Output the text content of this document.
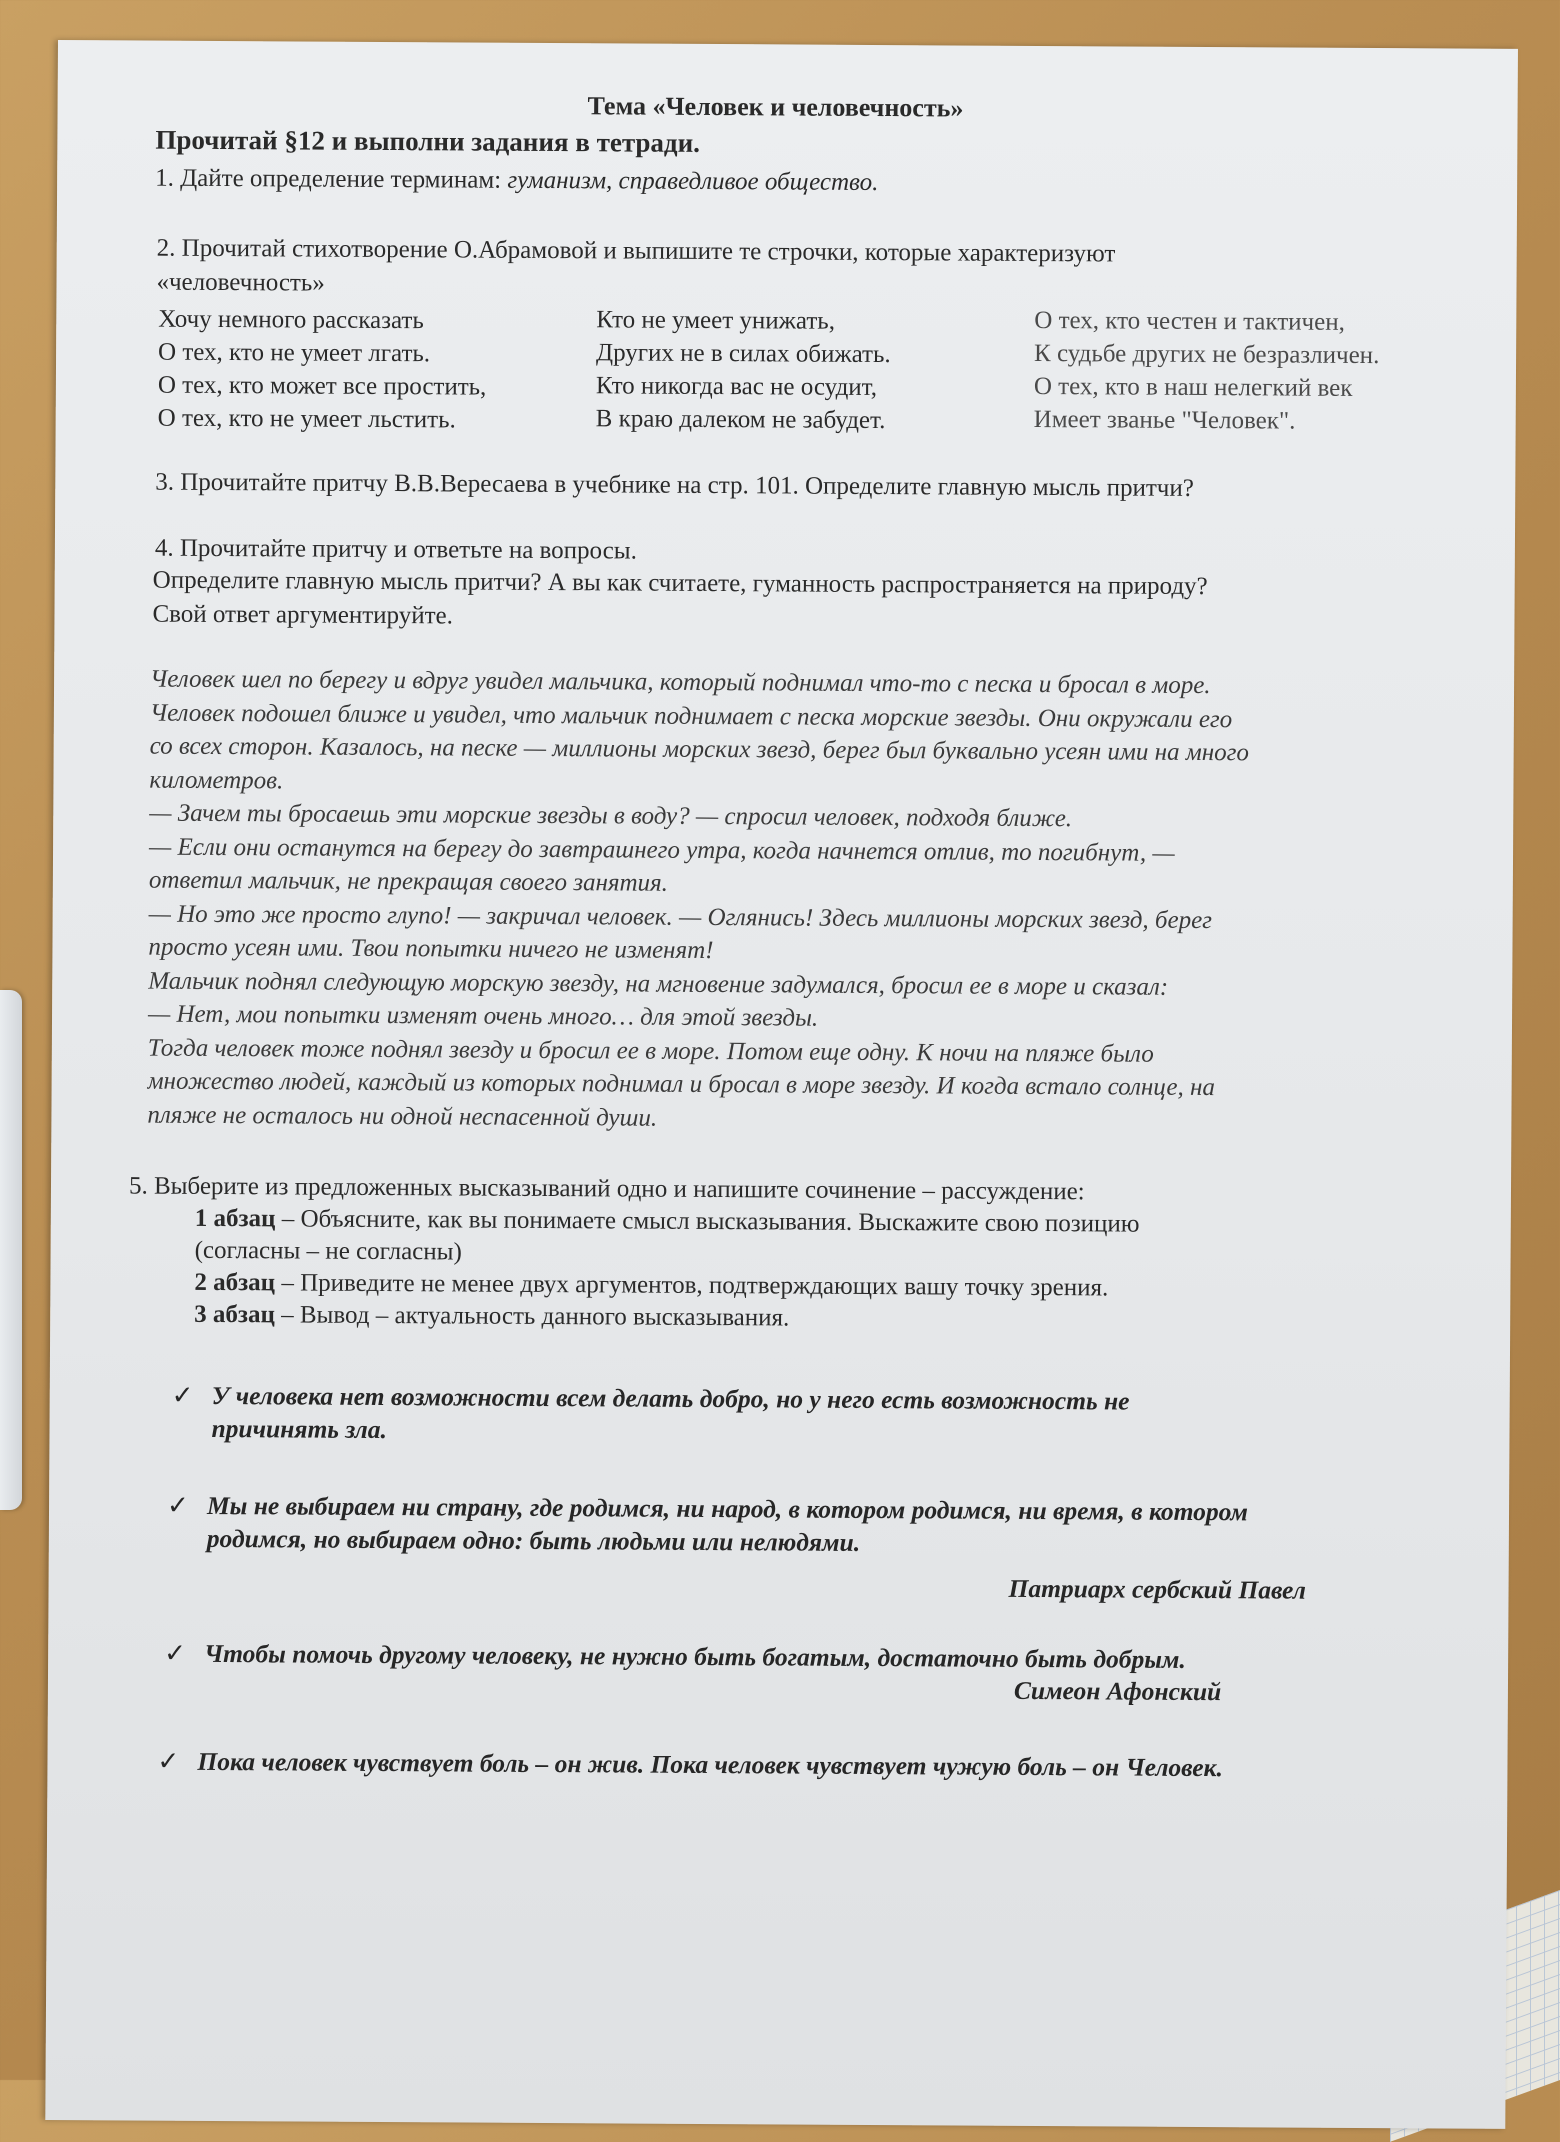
Тема «Человек и человечность»
Прочитай §12 и выполни задания в тетради.
1. Дайте определение терминам: гуманизм, справедливое общество.
2. Прочитай стихотворение О.Абрамовой и выпишите те строчки, которые характеризуют
«человечность»
Хочу немного рассказать
О тех, кто не умеет лгать.
О тех, кто может все простить,
О тех, кто не умеет льстить.
Кто не умеет унижать,
Других не в силах обижать.
Кто никогда вас не осудит,
В краю далеком не забудет.
О тех, кто честен и тактичен,
К судьбе других не безразличен.
О тех, кто в наш нелегкий век
Имеет званье "Человек".
3. Прочитайте притчу В.В.Вересаева в учебнике на стр. 101. Определите главную мысль притчи?
4. Прочитайте притчу и ответьте на вопросы.
Определите главную мысль притчи? А вы как считаете, гуманность распространяется на природу?
Свой ответ аргументируйте.
Человек шел по берегу и вдруг увидел мальчика, который поднимал что-то с песка и бросал в море.
Человек подошел ближе и увидел, что мальчик поднимает с песка морские звезды. Они окружали его
со всех сторон. Казалось, на песке — миллионы морских звезд, берег был буквально усеян ими на много
километров.
— Зачем ты бросаешь эти морские звезды в воду? — спросил человек, подходя ближе.
— Если они останутся на берегу до завтрашнего утра, когда начнется отлив, то погибнут, —
ответил мальчик, не прекращая своего занятия.
— Но это же просто глупо! — закричал человек. — Оглянись! Здесь миллионы морских звезд, берег
просто усеян ими. Твои попытки ничего не изменят!
Мальчик поднял следующую морскую звезду, на мгновение задумался, бросил ее в море и сказал:
— Нет, мои попытки изменят очень много… для этой звезды.
Тогда человек тоже поднял звезду и бросил ее в море. Потом еще одну. К ночи на пляже было
множество людей, каждый из которых поднимал и бросал в море звезду. И когда встало солнце, на
пляже не осталось ни одной неспасенной души.
5. Выберите из предложенных высказываний одно и напишите сочинение – рассуждение:
1 абзац – Объясните, как вы понимаете смысл высказывания. Выскажите свою позицию
(согласны – не согласны)
2 абзац – Приведите не менее двух аргументов, подтверждающих вашу точку зрения.
3 абзац – Вывод – актуальность данного высказывания.
✓ У человека нет возможности всем делать добро, но у него есть возможность не
причинять зла.
✓ Мы не выбираем ни страну, где родимся, ни народ, в котором родимся, ни время, в котором
родимся, но выбираем одно: быть людьми или нелюдями.
Патриарх сербский Павел
✓ Чтобы помочь другому человеку, не нужно быть богатым, достаточно быть добрым.
Симеон Афонский
✓ Пока человек чувствует боль – он жив. Пока человек чувствует чужую боль – он Человек.
